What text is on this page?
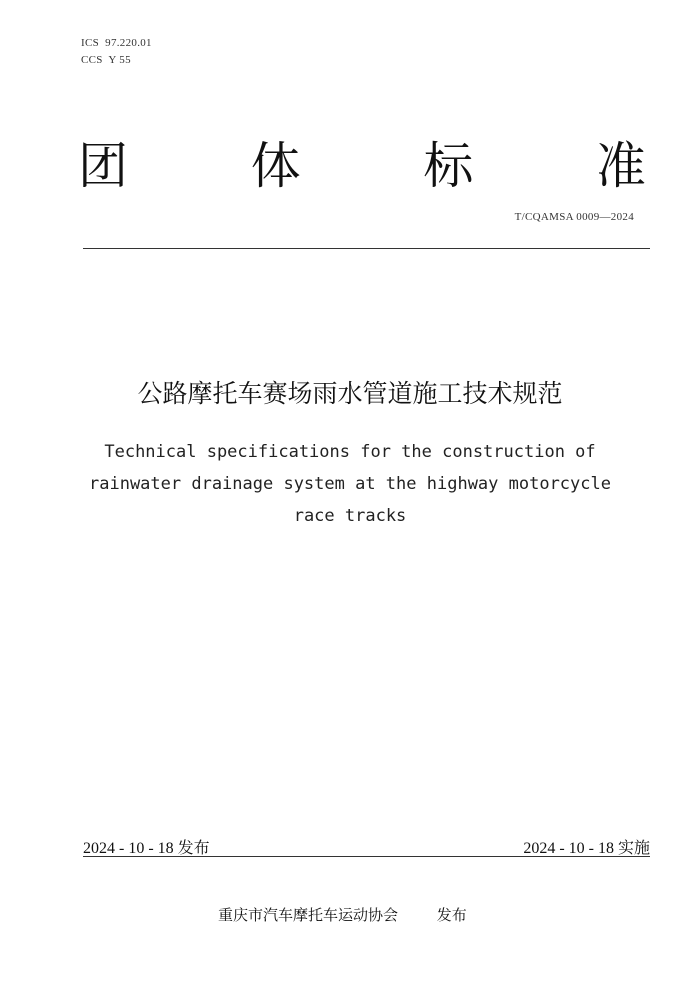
ICS 97.220.01
CCS Y 55
团 体 标 准
T/CQAMSA 0009—2024
公路摩托车赛场雨水管道施工技术规范
Technical specifications for the construction of
rainwater drainage system at the highway motorcycle
race tracks
2024 - 10 - 18 发布	2024 - 10 - 18 实施
重庆市汽车摩托车运动协会	发布
